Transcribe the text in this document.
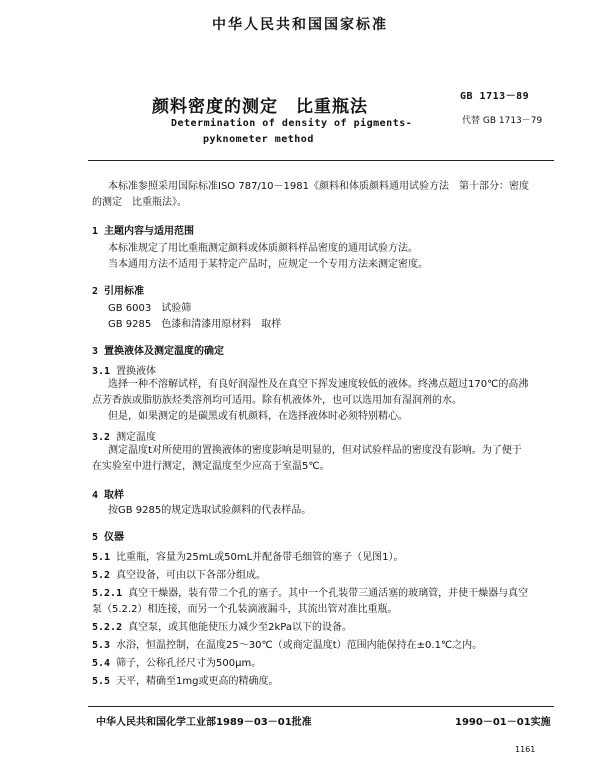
中华人民共和国国家标准
颜料密度的测定　比重瓶法
Determination of density of pigments-
pyknometer method
GB 1713－89
代替 GB 1713－79
本标准参照采用国际标准ISO 787/10－1981《颜料和体质颜料通用试验方法　第十部分：密度
的测定　比重瓶法》。
1 主题内容与适用范围
本标准规定了用比重瓶测定颜料或体质颜料样品密度的通用试验方法。
当本通用方法不适用于某特定产品时，应规定一个专用方法来测定密度。
2 引用标准
GB 6003　试验筛
GB 9285　色漆和清漆用原材料　取样
3 置换液体及测定温度的确定
3.1 置换液体
选择一种不溶解试样，有良好润湿性及在真空下挥发速度较低的液体。终沸点超过170℃的高沸
点芳香族或脂肪族烃类溶剂均可适用。除有机液体外，也可以选用加有湿润剂的水。
但是，如果测定的是碳黑或有机颜料，在选择液体时必须特别精心。
3.2 测定温度
测定温度t对所使用的置换液体的密度影响是明显的，但对试验样品的密度没有影响。为了便于
在实验室中进行测定，测定温度至少应高于室温5℃。
4 取样
按GB 9285的规定选取试验颜料的代表样品。
5 仪器
5.1 比重瓶，容量为25mL或50mL并配备带毛细管的塞子（见图1）。
5.2 真空设备，可由以下各部分组成。
5.2.1 真空干燥器，装有带二个孔的塞子。其中一个孔装带三通活塞的玻璃管，并使干燥器与真空
泵（5.2.2）相连接，而另一个孔装滴液漏斗，其流出管对准比重瓶。
5.2.2 真空泵，或其他能使压力减少至2kPa以下的设备。
5.3 水浴，恒温控制，在温度25～30℃（或商定温度t）范围内能保持在±0.1℃之内。
5.4 筛子，公称孔径尺寸为500μm。
5.5 天平，精确至1mg或更高的精确度。
中华人民共和国化学工业部1989－03－01批准	1990－01－01实施
1161
